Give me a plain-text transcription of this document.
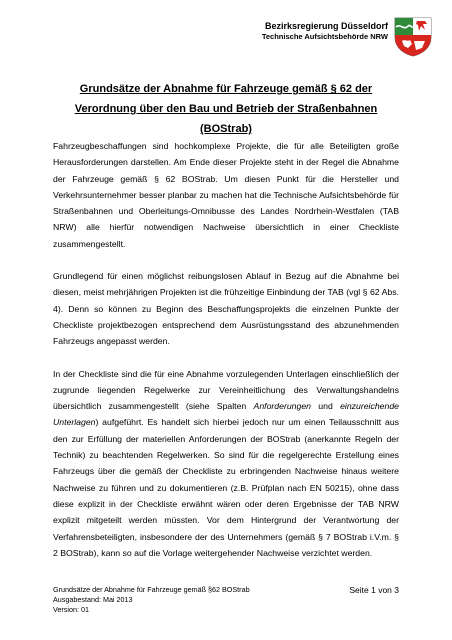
Bezirksregierung Düsseldorf
Technische Aufsichtsbehörde NRW
Grundsätze der Abnahme für Fahrzeuge gemäß § 62 der
Verordnung über den Bau und Betrieb der Straßenbahnen
(BOStrab)

Fahrzeugbeschaffungen sind hochkomplexe Projekte, die für alle Beteiligten große Herausforderungen darstellen. Am Ende dieser Projekte steht in der Regel die Abnahme der Fahrzeuge gemäß § 62 BOStrab. Um diesen Punkt für die Hersteller und Verkehrsunternehmer besser planbar zu machen hat die Technische Aufsichtsbehörde für Straßenbahnen und Oberleitungs-Omnibusse des Landes Nordrhein-Westfalen (TAB NRW) alle hierfür notwendigen Nachweise übersichtlich in einer Checkliste zusammengestellt.

Grundlegend für einen möglichst reibungslosen Ablauf in Bezug auf die Abnahme bei diesen, meist mehrjährigen Projekten ist die frühzeitige Einbindung der TAB (vgl § 62 Abs. 4). Denn so können zu Beginn des Beschaffungsprojekts die einzelnen Punkte der Checkliste projektbezogen entsprechend dem Ausrüstungsstand des abzunehmenden Fahrzeugs angepasst werden.

In der Checkliste sind die für eine Abnahme vorzulegenden Unterlagen einschließlich der zugrunde liegenden Regelwerke zur Vereinheitlichung des Verwaltungshandelns übersichtlich zusammengestellt (siehe Spalten Anforderungen und einzureichende Unterlagen) aufgeführt. Es handelt sich hierbei jedoch nur um einen Teilausschnitt aus den zur Erfüllung der materiellen Anforderungen der BOStrab (anerkannte Regeln der Technik) zu beachtenden Regelwerken. So sind für die regelgerechte Erstellung eines Fahrzeugs über die gemäß der Checkliste zu erbringenden Nachweise hinaus weitere Nachweise zu führen und zu dokumentieren (z.B. Prüfplan nach EN 50215), ohne dass diese explizit in der Checkliste erwähnt wären oder deren Ergebnisse der TAB NRW explizit mitgeteilt werden müssten. Vor dem Hintergrund der Verantwortung der Verfahrensbeteiligten, insbesondere der des Unternehmers (gemäß § 7 BOStrab i.V.m. § 2 BOStrab), kann so auf die Vorlage weitergehender Nachweise verzichtet werden.

Grundsätze der Abnahme für Fahrzeuge gemäß §62 BOStrab
Ausgabestand: Mai 2013
Version: 01
Seite 1 von 3
